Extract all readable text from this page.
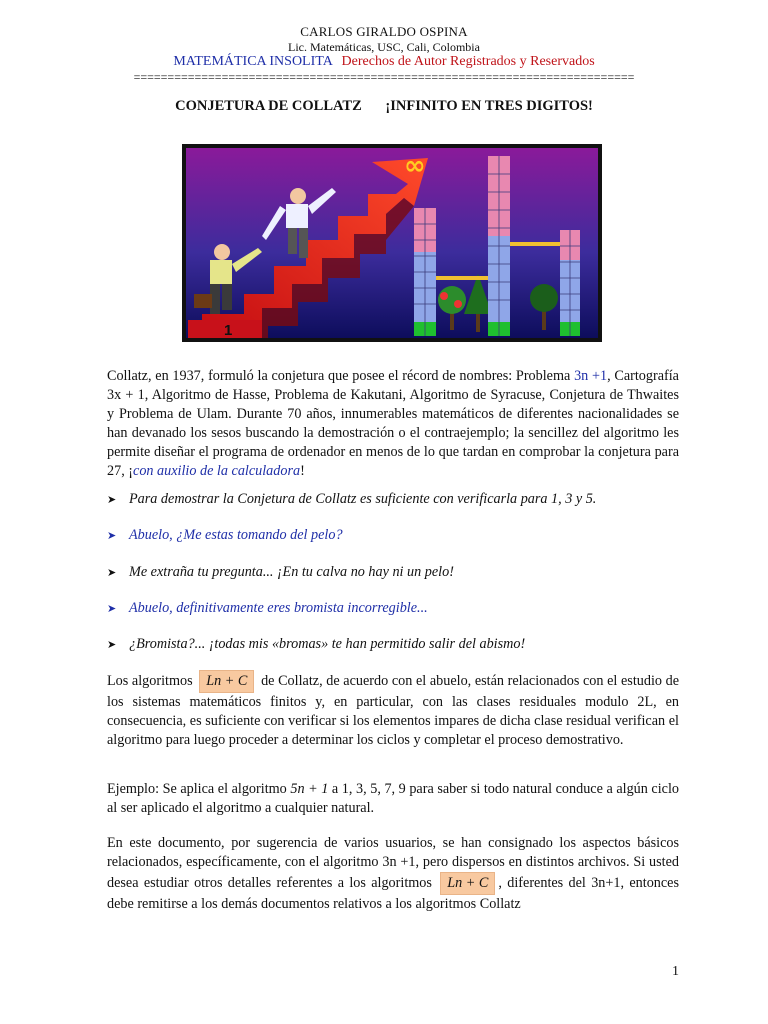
CARLOS GIRALDO OSPINA
Lic. Matemáticas, USC, Cali, Colombia
MATEMÁTICA INSOLITA Derechos de Autor Registrados y Reservados
==========================================================================
CONJETURA DE COLLATZ ¡INFINITO EN TRES DIGITOS!
1
∞
Collatz, en 1937, formuló la conjetura que posee el récord de nombres: Problema 3n +1, Cartografía 3x + 1, Algoritmo de Hasse, Problema de Kakutani, Algoritmo de Syracuse, Conjetura de Thwaites y Problema de Ulam. Durante 70 años, innumerables matemáticos de diferentes nacionalidades se han devanado los sesos buscando la demostración o el contraejemplo; la sencillez del algoritmo les permite diseñar el programa de ordenador en menos de lo que tardan en comprobar la conjetura para 27, ¡con auxilio de la calculadora!
➤ Para demostrar la Conjetura de Collatz es suficiente con verificarla para 1, 3 y 5.
➤ Abuelo, ¿Me estas tomando del pelo?
➤ Me extraña tu pregunta... ¡En tu calva no hay ni un pelo!
➤ Abuelo, definitivamente eres bromista incorregible...
➤ ¿Bromista?... ¡todas mis «bromas» te han permitido salir del abismo!
Los algoritmos Ln + C de Collatz, de acuerdo con el abuelo, están relacionados con el estudio de los sistemas matemáticos finitos y, en particular, con las clases residuales modulo 2L, en consecuencia, es suficiente con verificar si los elementos impares de dicha clase residual verifican el algoritmo para luego proceder a determinar los ciclos y completar el proceso demostrativo.
Ejemplo: Se aplica el algoritmo 5n + 1 a 1, 3, 5, 7, 9 para saber si todo natural conduce a algún ciclo al ser aplicado el algoritmo a cualquier natural.
En este documento, por sugerencia de varios usuarios, se han consignado los aspectos básicos relacionados, específicamente, con el algoritmo 3n +1, pero dispersos en distintos archivos. Si usted desea estudiar otros detalles referentes a los algoritmos Ln + C , diferentes del 3n+1, entonces debe remitirse a los demás documentos relativos a los algoritmos Collatz
1
